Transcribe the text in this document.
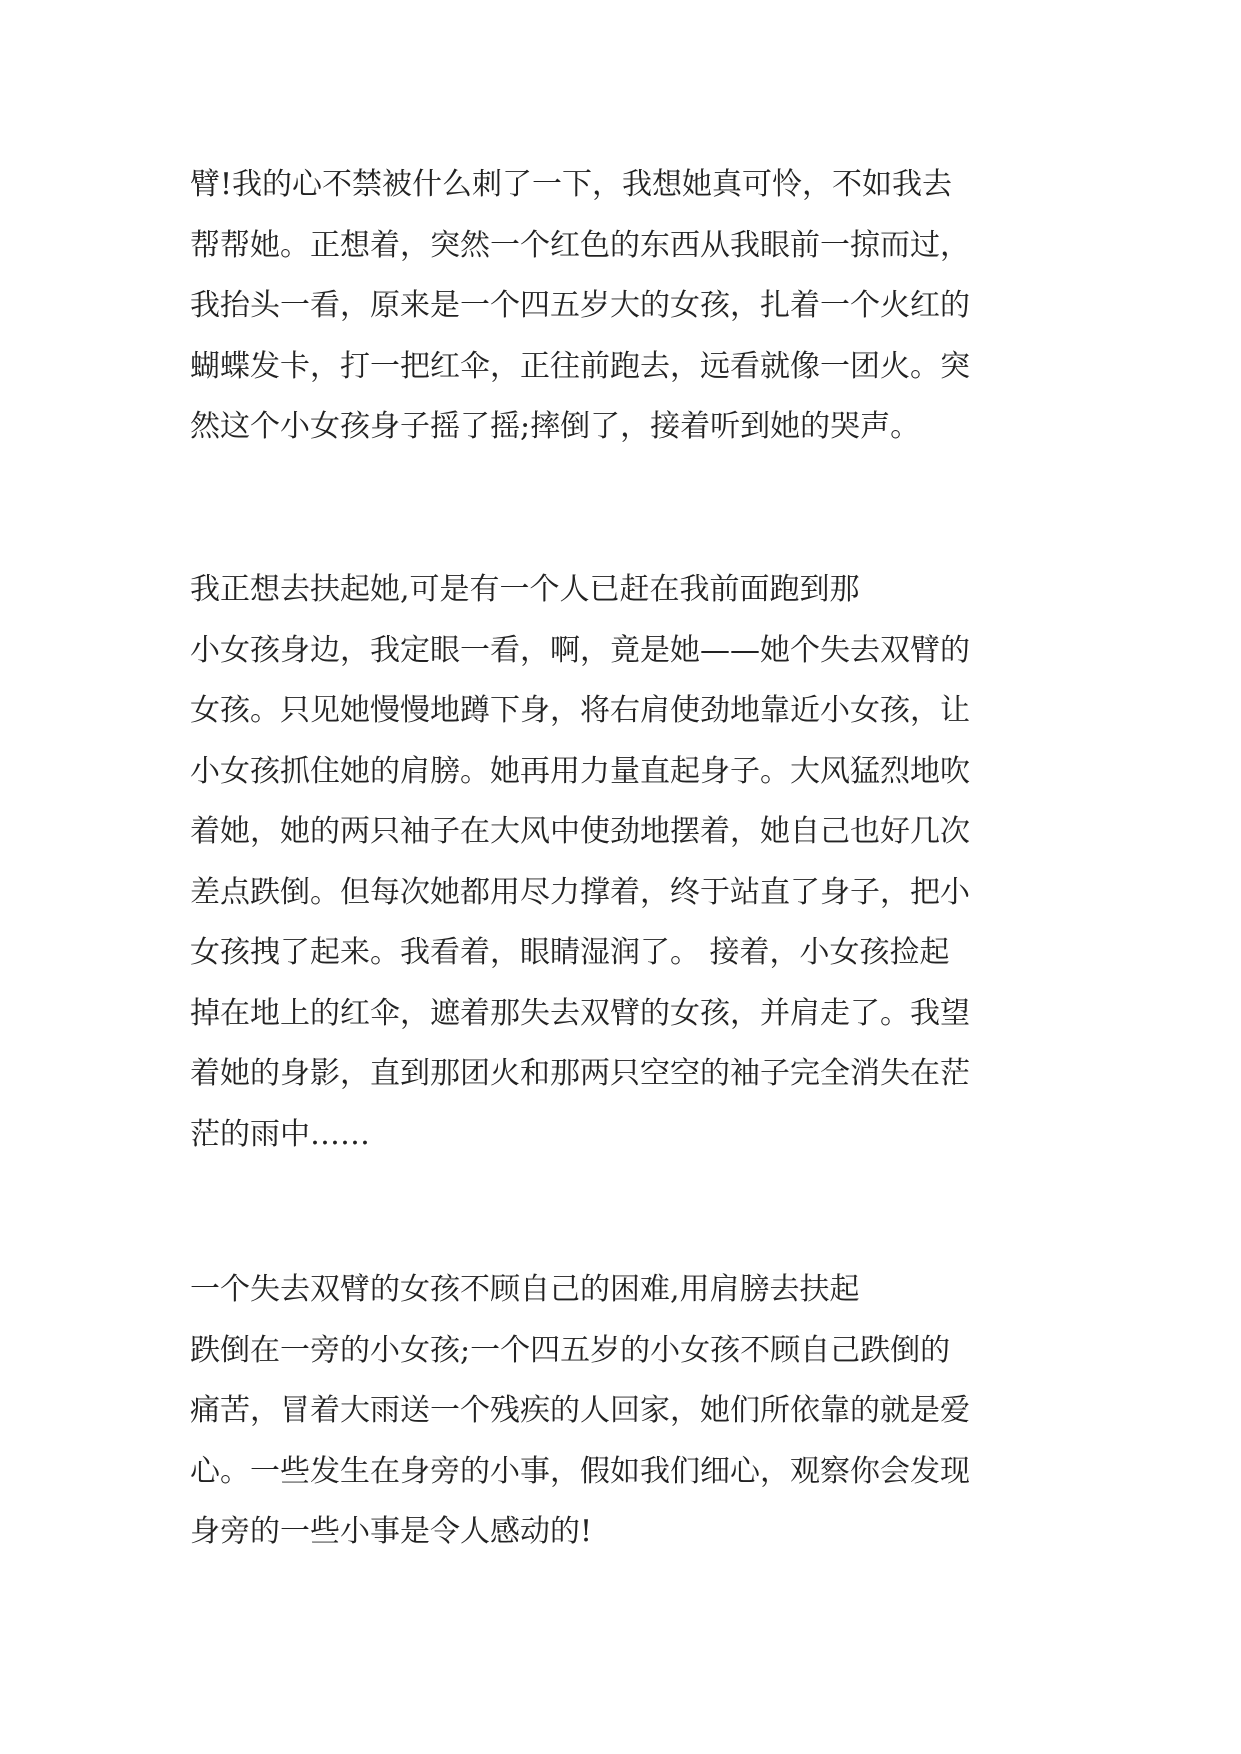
臂!我的心不禁被什么刺了一下，我想她真可怜，不如我去
帮帮她。正想着，突然一个红色的东西从我眼前一掠而过，
我抬头一看，原来是一个四五岁大的女孩，扎着一个火红的
蝴蝶发卡，打一把红伞，正往前跑去，远看就像一团火。突
然这个小女孩身子摇了摇;摔倒了，接着听到她的哭声。

我正想去扶起她,可是有一个人已赶在我前面跑到那
小女孩身边，我定眼一看，啊，竟是她——她个失去双臂的
女孩。只见她慢慢地蹲下身，将右肩使劲地靠近小女孩，让
小女孩抓住她的肩膀。她再用力量直起身子。大风猛烈地吹
着她，她的两只袖子在大风中使劲地摆着，她自己也好几次
差点跌倒。但每次她都用尽力撑着，终于站直了身子，把小
女孩拽了起来。我看着，眼睛湿润了。 接着，小女孩捡起
掉在地上的红伞，遮着那失去双臂的女孩，并肩走了。我望
着她的身影，直到那团火和那两只空空的袖子完全消失在茫
茫的雨中……

一个失去双臂的女孩不顾自己的困难,用肩膀去扶起
跌倒在一旁的小女孩;一个四五岁的小女孩不顾自己跌倒的
痛苦，冒着大雨送一个残疾的人回家，她们所依靠的就是爱
心。一些发生在身旁的小事，假如我们细心，观察你会发现
身旁的一些小事是令人感动的!
